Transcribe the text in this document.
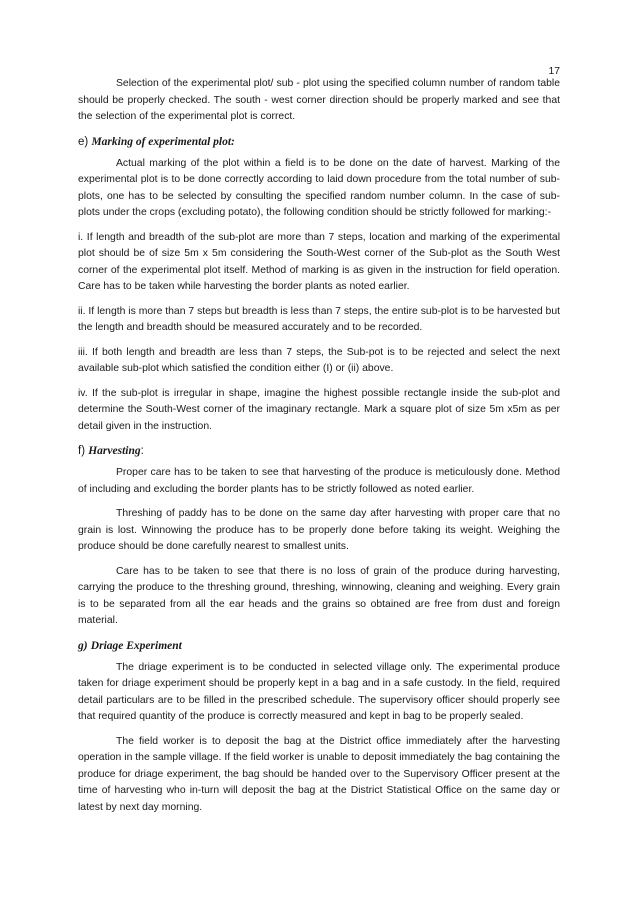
17

Selection of the experimental plot/ sub - plot using the specified column number of random table should be properly checked. The south - west corner direction should be properly marked and see that the selection of the experimental plot is correct.

e) Marking of experimental plot:

Actual marking of the plot within a field is to be done on the date of harvest. Marking of the experimental plot is to be done correctly according to laid down procedure from the total number of sub-plots, one has to be selected by consulting the specified random number column. In the case of sub-plots under the crops (excluding potato), the following condition should be strictly followed for marking:-

i. If length and breadth of the sub-plot are more than 7 steps, location and marking of the experimental plot should be of size 5m x 5m considering the South-West corner of the Sub-plot as the South West corner of the experimental plot itself. Method of marking is as given in the instruction for field operation. Care has to be taken while harvesting the border plants as noted earlier.

ii. If length is more than 7 steps but breadth is less than 7 steps, the entire sub-plot is to be harvested but the length and breadth should be measured accurately and to be recorded.

iii. If both length and breadth are less than 7 steps, the Sub-pot is to be rejected and select the next available sub-plot which satisfied the condition either (I) or (ii) above.

iv. If the sub-plot is irregular in shape, imagine the highest possible rectangle inside the sub-plot and determine the South-West corner of the imaginary rectangle. Mark a square plot of size 5m x5m as per detail given in the instruction.

f) Harvesting:

Proper care has to be taken to see that harvesting of the produce is meticulously done. Method of including and excluding the border plants has to be strictly followed as noted earlier.

Threshing of paddy has to be done on the same day after harvesting with proper care that no grain is lost. Winnowing the produce has to be properly done before taking its weight. Weighing the produce should be done carefully nearest to smallest units.

Care has to be taken to see that there is no loss of grain of the produce during harvesting, carrying the produce to the threshing ground, threshing, winnowing, cleaning and weighing. Every grain is to be separated from all the ear heads and the grains so obtained are free from dust and foreign material.

g) Driage Experiment

The driage experiment is to be conducted in selected village only. The experimental produce taken for driage experiment should be properly kept in a bag and in a safe custody. In the field, required detail particulars are to be filled in the prescribed schedule. The supervisory officer should properly see that required quantity of the produce is correctly measured and kept in bag to be properly sealed.

The field worker is to deposit the bag at the District office immediately after the harvesting operation in the sample village. If the field worker is unable to deposit immediately the bag containing the produce for driage experiment, the bag should be handed over to the Supervisory Officer present at the time of harvesting who in-turn will deposit the bag at the District Statistical Office on the same day or latest by next day morning.
